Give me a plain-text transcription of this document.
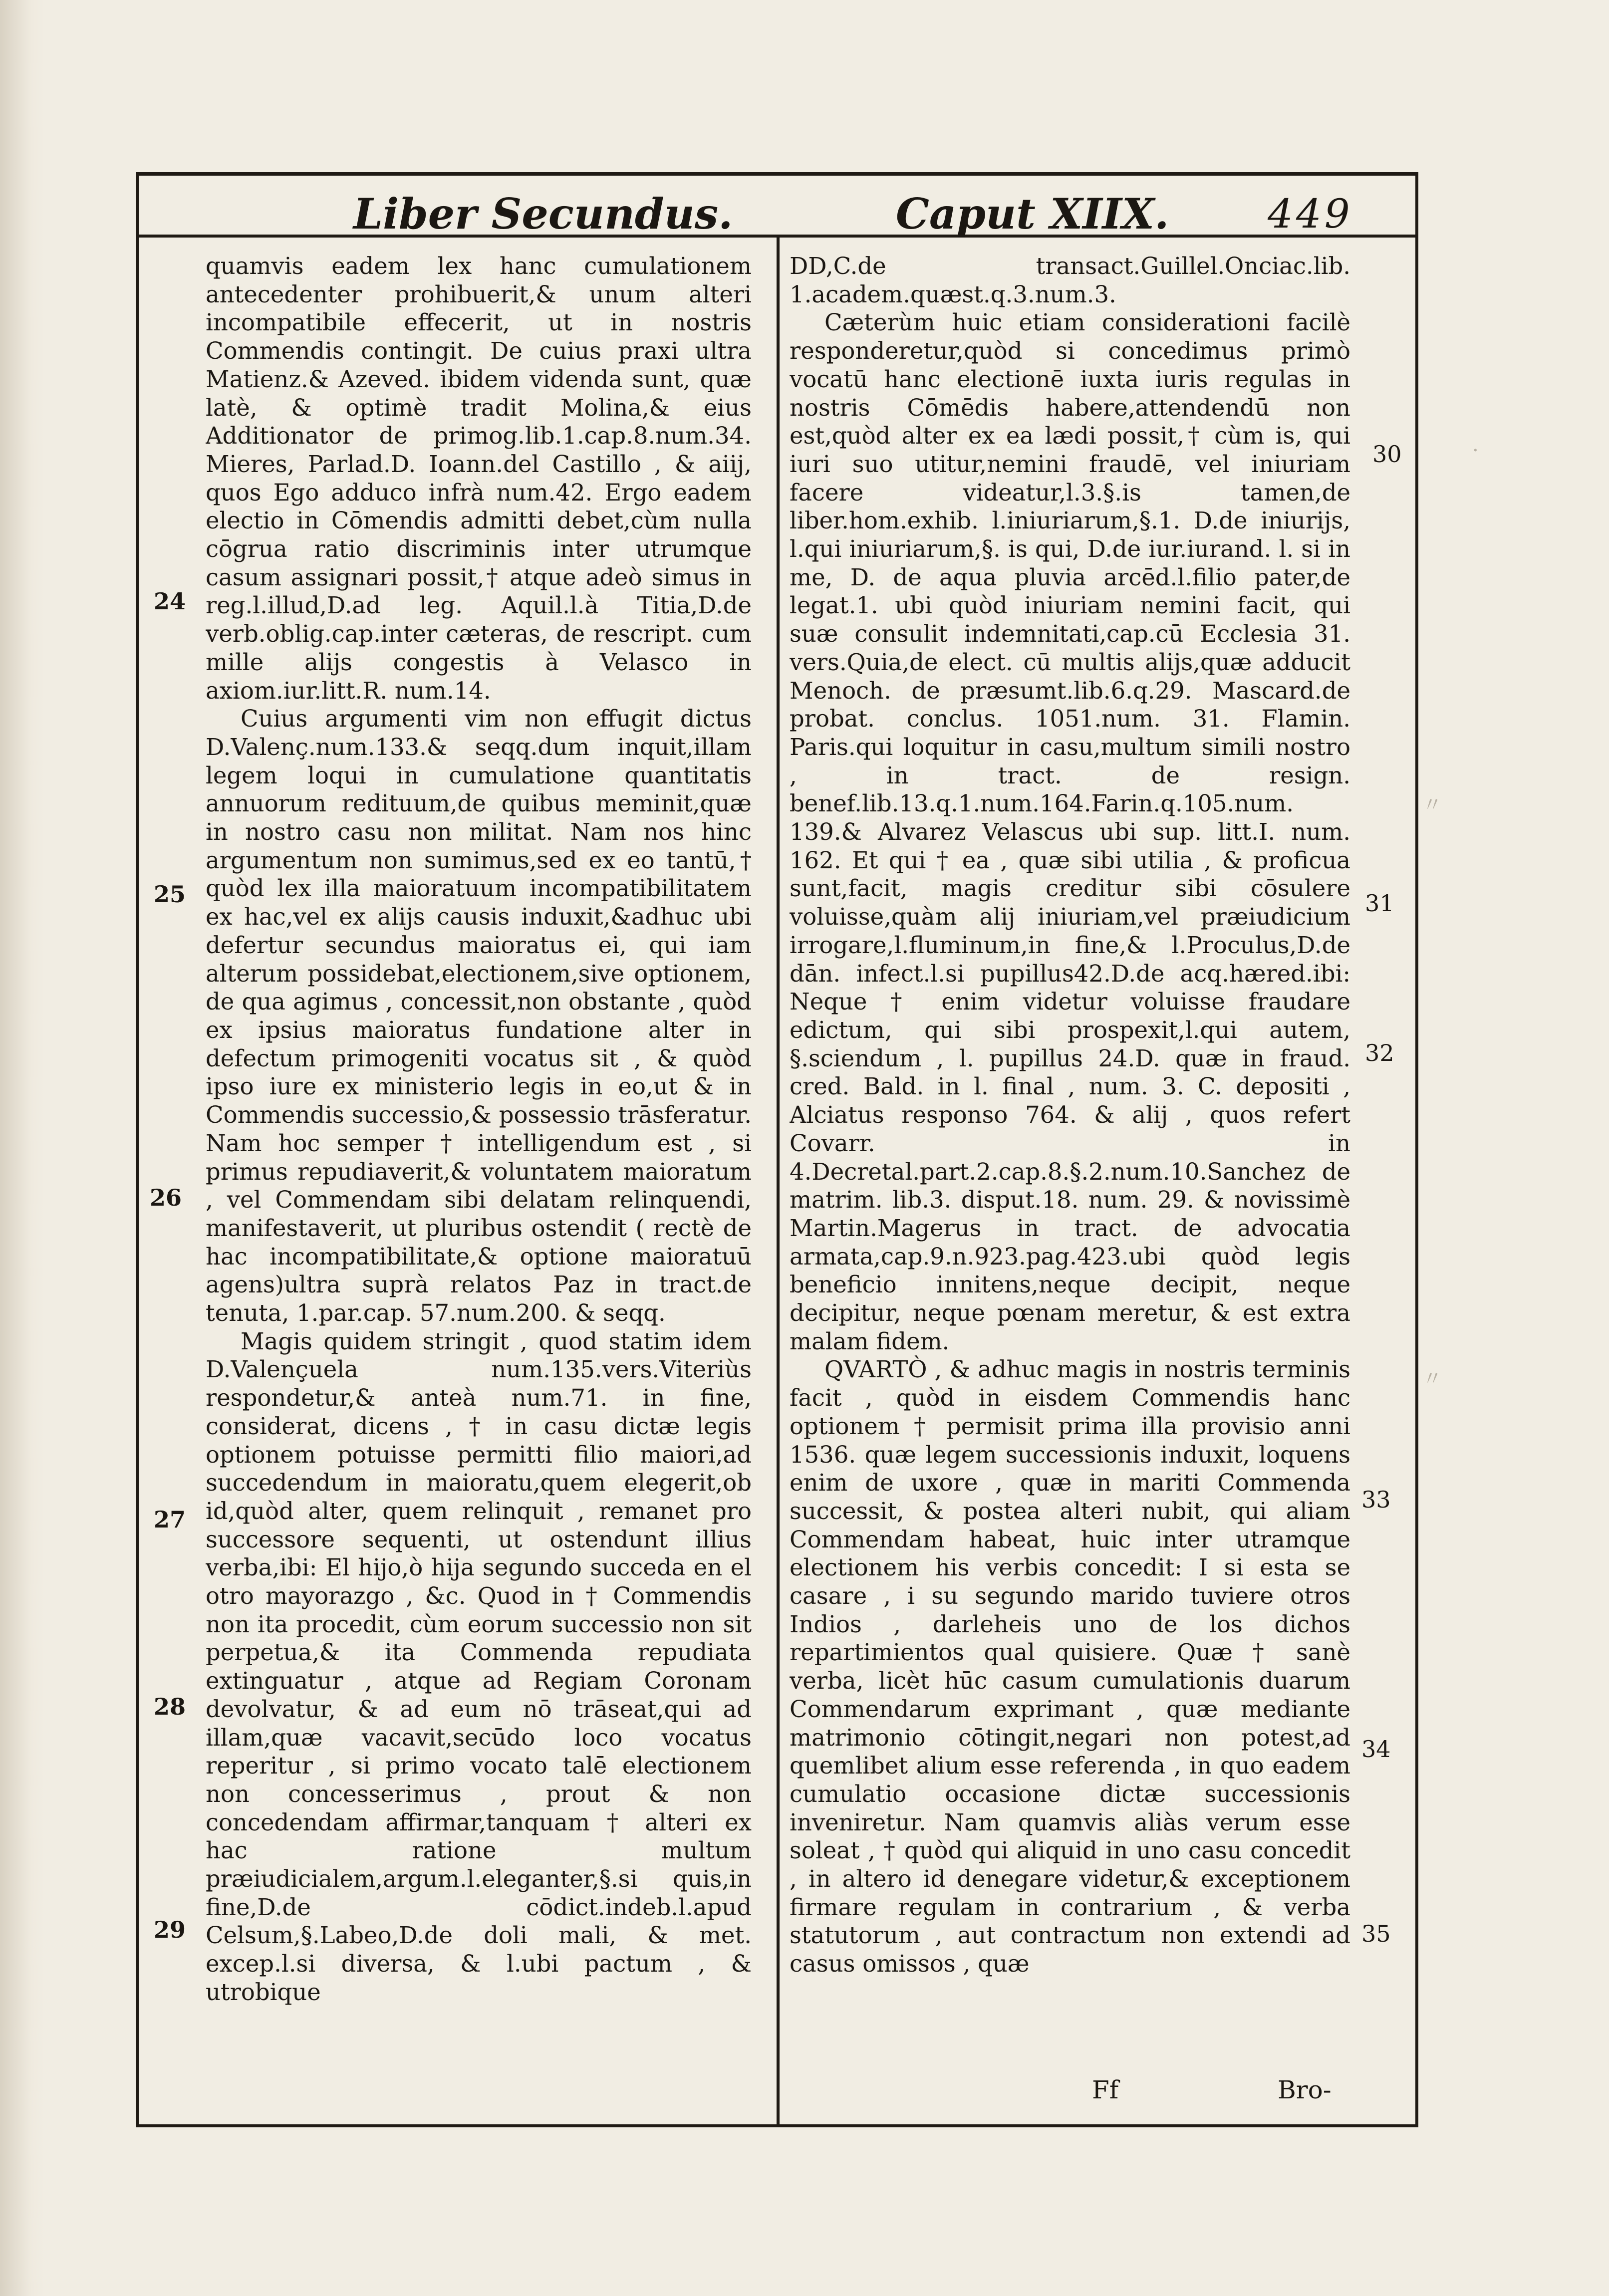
Liber Secundus.	Caput XIIX. 449

quamvis eadem lex hanc cumulationem antecedenter prohibuerit,& unum alteri incompatibile effecerit, ut in nostris Commendis contingit. De cuius praxi ultra Matienz.& Azeved. ibidem videnda sunt, quæ latè, & optimè tradit Molina,& eius Additionator de primog.lib.1.cap.8.num.34. Mieres, Parlad.D. Ioann.del Castillo , & aiij, quos Ego adduco infrà num.42. Ergo eadem electio in Cōmendis admitti debet,cùm nulla cōgrua ratio discriminis inter utrumque casum assignari possit,† atque adeò simus in reg.l.illud,D.ad leg. Aquil.l.à Titia,D.de verb.oblig.cap.inter cæteras, de rescript. cum mille alijs congestis à Velasco in axiom.iur.litt.R. num.14.

Cuius argumenti vim non effugit dictus D.Valenç.num.133.& seqq.dum inquit,illam legem loqui in cumulatione quantitatis annuorum redituum,de quibus meminit,quæ in nostro casu non militat. Nam nos hinc argumentum non sumimus,sed ex eo tantū,† quòd lex illa maioratuum incompatibilitatem ex hac,vel ex alijs causis induxit,&adhuc ubi defertur secundus maioratus ei, qui iam alterum possidebat,electionem,sive optionem, de qua agimus , concessit,non obstante , quòd ex ipsius maioratus fundatione alter in defectum primogeniti vocatus sit , & quòd ipso iure ex ministerio legis in eo,ut & in Commendis successio,& possessio trāsferatur. Nam hoc semper † intelligendum est , si primus repudiaverit,& voluntatem maioratum , vel Commendam sibi delatam relinquendi, manifestaverit, ut pluribus ostendit ( rectè de hac incompatibilitate,& optione maioratuū agens)ultra suprà relatos Paz in tract.de tenuta, 1.par.cap. 57.num.200. & seqq.

Magis quidem stringit , quod statim idem D.Valençuela num.135.vers.Viteriùs respondetur,& anteà num.71. in fine, considerat, dicens , † in casu dictæ legis optionem potuisse permitti filio maiori,ad succedendum in maioratu,quem elegerit,ob id,quòd alter, quem relinquit , remanet pro successore sequenti, ut ostendunt illius verba,ibi: El hijo,ò hija segundo succeda en el otro mayorazgo , &c. Quod in † Commendis non ita procedit, cùm eorum successio non sit perpetua,& ita Commenda repudiata extinguatur , atque ad Regiam Coronam devolvatur, & ad eum nō trāseat,qui ad illam,quæ vacavit,secūdo loco vocatus reperitur , si primo vocato talē electionem non concesserimus , prout & non concedendam affirmar,tanquam † alteri ex hac ratione multum præiudicialem,argum.l.eleganter,§.si quis,in fine,D.de cōdict.indeb.l.apud Celsum,§.Labeo,D.de doli mali, & met. excep.l.si diversa, & l.ubi pactum , & utrobique

DD,C.de transact.Guillel.Onciac.lib. 1.academ.quæst.q.3.num.3.

Cæterùm huic etiam considerationi facilè responderetur,quòd si concedimus primò vocatū hanc electionē iuxta iuris regulas in nostris Cōmēdis habere,attendendū non est,quòd alter ex ea lædi possit,† cùm is, qui iuri suo utitur,nemini fraudē, vel iniuriam facere videatur,l.3.§.is tamen,de liber.hom.exhib. l.iniuriarum,§.1. D.de iniurijs, l.qui iniuriarum,§. is qui, D.de iur.iurand. l. si in me, D. de aqua pluvia arcēd.l.filio pater,de legat.1. ubi quòd iniuriam nemini facit, qui suæ consulit indemnitati,cap.cū Ecclesia 31. vers.Quia,de elect. cū multis alijs,quæ adducit Menoch. de præsumt.lib.6.q.29. Mascard.de probat. conclus. 1051.num. 31. Flamin. Paris.qui loquitur in casu,multum simili nostro , in tract. de resign. benef.lib.13.q.1.num.164.Farin.q.105.num. 139.& Alvarez Velascus ubi sup. litt.I. num. 162. Et qui † ea , quæ sibi utilia , & proficua sunt,facit, magis creditur sibi cōsulere voluisse,quàm alij iniuriam,vel præiudicium irrogare,l.fluminum,in fine,& l.Proculus,D.de dān. infect.l.si pupillus42.D.de acq.hæred.ibi: Neque † enim videtur voluisse fraudare edictum, qui sibi prospexit,l.qui autem, §.sciendum , l. pupillus 24.D. quæ in fraud. cred. Bald. in l. final , num. 3. C. depositi , Alciatus responso 764. & alij , quos refert Covarr. in 4.Decretal.part.2.cap.8.§.2.num.10.Sanchez de matrim. lib.3. disput.18. num. 29. & novissimè Martin.Magerus in tract. de advocatia armata,cap.9.n.923.pag.423.ubi quòd legis beneficio innitens,neque decipit, neque decipitur, neque pœnam meretur, & est extra malam fidem.

QVARTÒ , & adhuc magis in nostris terminis facit , quòd in eisdem Commendis hanc optionem † permisit prima illa provisio anni 1536. quæ legem successionis induxit, loquens enim de uxore , quæ in mariti Commenda successit, & postea alteri nubit, qui aliam Commendam habeat, huic inter utramque electionem his verbis concedit: I si esta se casare , i su segundo marido tuviere otros Indios , darleheis uno de los dichos repartimientos qual quisiere. Quæ † sanè verba, licèt hūc casum cumulationis duarum Commendarum exprimant , quæ mediante matrimonio cōtingit,negari non potest,ad quemlibet alium esse referenda , in quo eadem cumulatio occasione dictæ successionis inveniretur. Nam quamvis aliàs verum esse soleat , † quòd qui aliquid in uno casu concedit , in altero id denegare videtur,& exceptionem firmare regulam in contrarium , & verba statutorum , aut contractum non extendi ad casus omissos , quæ

24
25
26
27
28
29
30
31
32
33
34
35
〃
〃
·
Ff	Bro-
